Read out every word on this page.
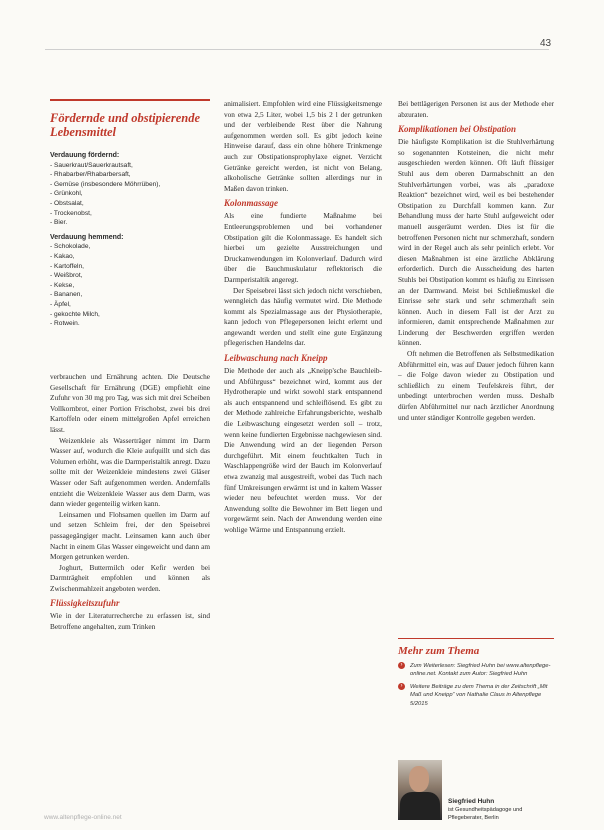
43
Fördernde und obstipierende Lebensmittel

Verdauung fördernd:

- Sauerkraut/Sauerkrautsaft,
- Rhabarber/Rhabarbersaft,
- Gemüse (insbesondere Möhrrüben),
- Grünkohl,
- Obstsalat,
- Trockenobst,
- Bier.

Verdauung hemmend:

- Schokolade,
- Kakao,
- Kartoffeln,
- Weißbrot,
- Kekse,
- Bananen,
- Äpfel,
- gekochte Milch,
- Rotwein.

verbrauchen und Ernährung achten. Die Deutsche Gesellschaft für Ernährung (DGE) empfiehlt eine Zufuhr von 30 mg pro Tag, was sich mit drei Scheiben Vollkornbrot, einer Portion Frischobst, zwei bis drei Kartoffeln oder einem mittelgroßen Apfel erreichen lässt.

Weizenkleie als Wasserträger nimmt im Darm Wasser auf, wodurch die Kleie aufquillt und sich das Volumen erhöht, was die Darmperistaltik anregt. Dazu sollte mit der Weizenkleie mindestens zwei Gläser Wasser oder Saft aufgenommen werden. Andernfalls entzieht die Weizenkleie Wasser aus dem Darm, was dann wieder gegenteilig wirken kann.

Leinsamen und Flohsamen quellen im Darm auf und setzen Schleim frei, der den Speisebrei passagegängiger macht. Leinsamen kann auch über Nacht in einem Glas Wasser eingeweicht und dann am Morgen getrunken werden.

Joghurt, Buttermilch oder Kefir werden bei Darmträgheit empfohlen und können als Zwischenmahlzeit angeboten werden.

Flüssigkeitszufuhr

Wie in der Literaturrecherche zu erfassen ist, sind Betroffene angehalten, zum Trinken

animalisiert. Empfohlen wird eine Flüssigkeitsmenge von etwa 2,5 Liter, wobei 1,5 bis 2 l der getrunken und der verbleibende Rest über die Nahrung aufgenommen werden soll. Es gibt jedoch keine Hinweise darauf, dass ein ohne höhere Trinkmenge auch zur Obstipationsprophylaxe eignet. Verzicht Getränke gereicht werden, ist nicht von Belang, alkoholische Getränke sollten allerdings nur in Maßen davon trinken.

Kolonmassage

Als eine fundierte Maßnahme bei Entleerungsproblemen und bei vorhandener Obstipation gilt die Kolonmassage. Es handelt sich hierbei um gezielte Ausstreichungen und Druckanwendungen im Kolonverlauf. Dadurch wird über die Bauchmuskulatur reflektorisch die Darmperistaltik angeregt.

Der Speisebrei lässt sich jedoch nicht verschieben, wenngleich das häufig vermutet wird. Die Methode kommt als Spezialmassage aus der Physiotherapie, kann jedoch von Pflegepersonen leicht erlernt und angewandt werden und stellt eine gute Ergänzung pflegerischen Handelns dar.

Leibwaschung nach Kneipp

Die Methode der auch als „Kneipp'sche Bauchleib- und Abführguss“ bezeichnet wird, kommt aus der Hydrotherapie und wirkt sowohl stark entspannend als auch entspannend und schleiflösend. Es gibt zu der Methode zahlreiche Erfahrungsberichte, weshalb die Leibwaschung eingesetzt werden soll – trotz, wenn keine fundierten Ergebnisse nachgewiesen sind. Die Anwendung wird an der liegenden Person durchgeführt. Mit einem feuchtkalten Tuch in Waschlappengröße wird der Bauch im Kolonverlauf etwa zwanzig mal ausgestreift, wobei das Tuch nach fünf Umkreisungen erwärmt ist und in kaltem Wasser wieder neu befeuchtet werden muss. Vor der Anwendung sollte die Bewohner im Bett liegen und vorgewärmt sein. Nach der Anwendung werden eine wohlige Wärme und Entspannung erzielt.

Bei bettlägerigen Personen ist aus der Methode eher abzuraten.

Komplikationen bei Obstipation

Die häufigste Komplikation ist die Stuhlverhärtung so sogenannten Kotsteinen, die nicht mehr ausgeschieden werden können. Oft läuft flüssiger Stuhl aus dem oberen Darmabschnitt an den Stuhlverhärtungen vorbei, was als „paradoxe Reaktion“ bezeichnet wird, weil es bei bestehender Obstipation zu Durchfall kommen kann. Zur Behandlung muss der harte Stuhl aufgeweicht oder manuell ausgeräumt werden. Dies ist für die betroffenen Personen nicht nur schmerzhaft, sondern wird in der Regel auch als sehr peinlich erlebt. Vor diesen Maßnahmen ist eine ärztliche Abklärung erforderlich. Durch die Ausscheidung des harten Stuhls bei Obstipation kommt es häufig zu Einrissen an der Darmwand. Meist bei Schließmuskel die Einrisse sehr stark und sehr schmerzhaft sein können. Auch in diesem Fall ist der Arzt zu informieren, damit entsprechende Maßnahmen zur Linderung der Beschwerden ergriffen werden können.

Oft nehmen die Betroffenen als Selbstmedikation Abführmittel ein, was auf Dauer jedoch führen kann – die Folge davon wieder zu Obstipation und schließlich zu einem Teufelskreis führt, der unbedingt unterbrochen werden muss. Deshalb dürfen Abführmittel nur nach ärztlicher Anordnung und unter ständiger Kontrolle gegeben werden.

Mehr zum Thema
›	Zum Weiterlesen: Siegfried Huhn bei www.altenpflege-online.net. Kontakt zum Autor: Siegfried Huhn
›	Weitere Beiträge zu dem Thema in der Zeitschrift „Mit Maß und Kneipp“ von Nathalie Claus in Altenpflege 5/2015
Siegfried Huhn
ist Gesundheitspädagoge und Pflegeberater, Berlin
www.altenpflege-online.net
